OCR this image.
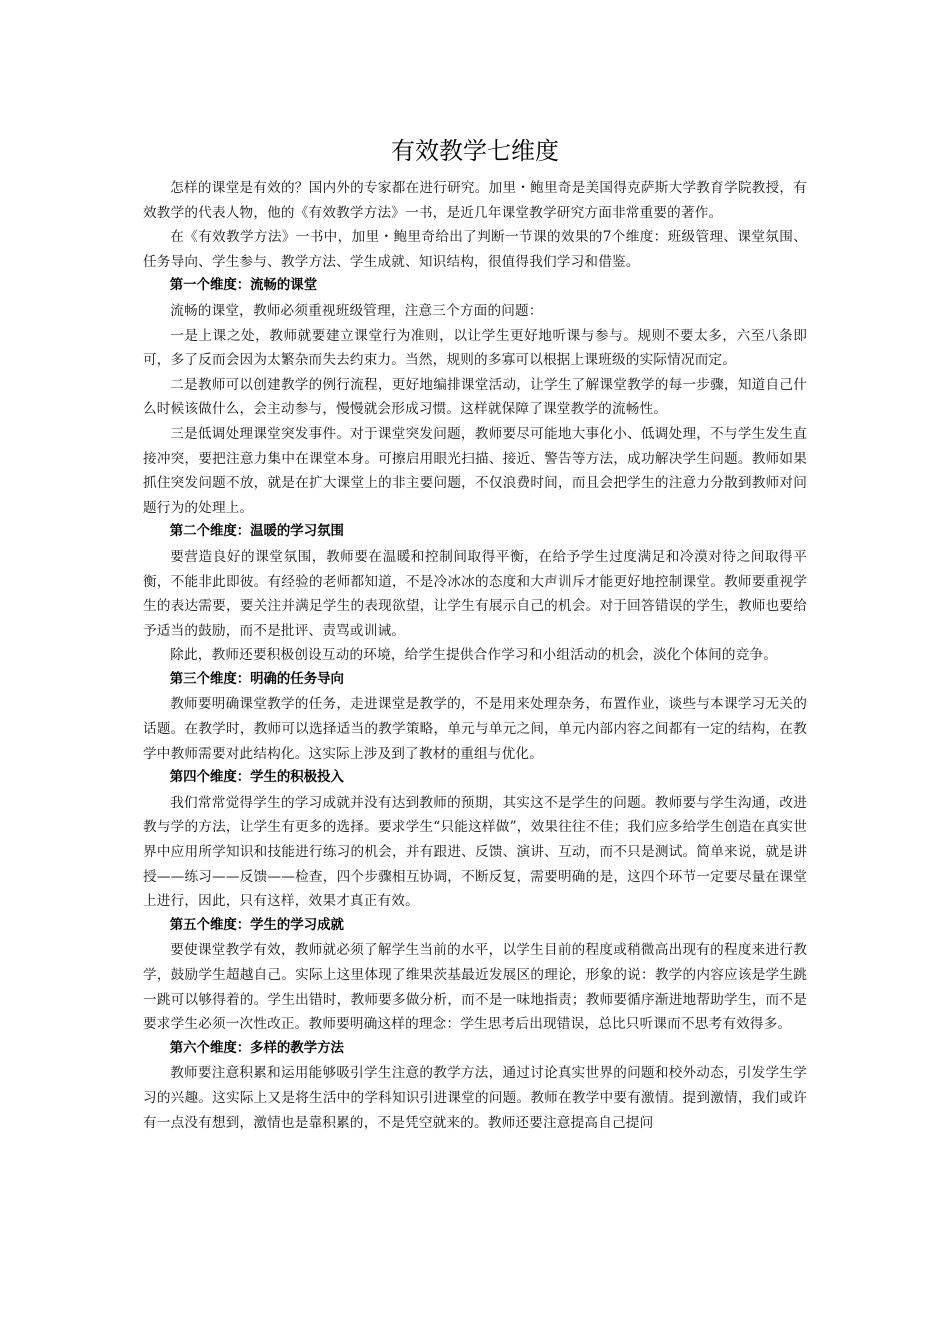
有效教学七维度

怎样的课堂是有效的？国内外的专家都在进行研究。加里・鲍里奇是美国得克萨斯大学教育学院教授，有效教学的代表人物，他的《有效教学方法》一书，是近几年课堂教学研究方面非常重要的著作。

在《有效教学方法》一书中，加里・鲍里奇给出了判断一节课的效果的7个维度：班级管理、课堂氛围、任务导向、学生参与、教学方法、学生成就、知识结构，很值得我们学习和借鉴。

第一个维度：流畅的课堂

流畅的课堂，教师必须重视班级管理，注意三个方面的问题：

一是上课之处，教师就要建立课堂行为准则，以让学生更好地听课与参与。规则不要太多，六至八条即可，多了反而会因为太繁杂而失去约束力。当然，规则的多寡可以根据上课班级的实际情况而定。

二是教师可以创建教学的例行流程，更好地编排课堂活动，让学生了解课堂教学的每一步骤，知道自己什么时候该做什么，会主动参与，慢慢就会形成习惯。这样就保障了课堂教学的流畅性。

三是低调处理课堂突发事件。对于课堂突发问题，教师要尽可能地大事化小、低调处理，不与学生发生直接冲突，要把注意力集中在课堂本身。可擦启用眼光扫描、接近、警告等方法，成功解决学生问题。教师如果抓住突发问题不放，就是在扩大课堂上的非主要问题，不仅浪费时间，而且会把学生的注意力分散到教师对问题行为的处理上。

第二个维度：温暖的学习氛围

要营造良好的课堂氛围，教师要在温暖和控制间取得平衡，在给予学生过度满足和冷漠对待之间取得平衡，不能非此即彼。有经验的老师都知道，不是冷冰冰的态度和大声训斥才能更好地控制课堂。教师要重视学生的表达需要，要关注并满足学生的表现欲望，让学生有展示自己的机会。对于回答错误的学生，教师也要给予适当的鼓励，而不是批评、责骂或训诫。

除此，教师还要积极创设互动的环境，给学生提供合作学习和小组活动的机会，淡化个体间的竞争。

第三个维度：明确的任务导向

教师要明确课堂教学的任务，走进课堂是教学的，不是用来处理杂务，布置作业，谈些与本课学习无关的话题。在教学时，教师可以选择适当的教学策略，单元与单元之间，单元内部内容之间都有一定的结构，在教学中教师需要对此结构化。这实际上涉及到了教材的重组与优化。

第四个维度：学生的积极投入

我们常常觉得学生的学习成就并没有达到教师的预期，其实这不是学生的问题。教师要与学生沟通，改进教与学的方法，让学生有更多的选择。要求学生“只能这样做”，效果往往不佳；我们应多给学生创造在真实世界中应用所学知识和技能进行练习的机会，并有跟进、反馈、演讲、互动，而不只是测试。简单来说，就是讲授——练习——反馈——检查，四个步骤相互协调，不断反复，需要明确的是，这四个环节一定要尽量在课堂上进行，因此，只有这样，效果才真正有效。

第五个维度：学生的学习成就

要使课堂教学有效，教师就必须了解学生当前的水平，以学生目前的程度或稍微高出现有的程度来进行教学，鼓励学生超越自己。实际上这里体现了维果茨基最近发展区的理论，形象的说：教学的内容应该是学生跳一跳可以够得着的。学生出错时，教师要多做分析，而不是一味地指责；教师要循序渐进地帮助学生，而不是要求学生必须一次性改正。教师要明确这样的理念：学生思考后出现错误，总比只听课而不思考有效得多。

第六个维度：多样的教学方法

教师要注意积累和运用能够吸引学生注意的教学方法，通过讨论真实世界的问题和校外动态，引发学生学习的兴趣。这实际上又是将生活中的学科知识引进课堂的问题。教师在教学中要有激情。提到激情，我们或许有一点没有想到，激情也是靠积累的，不是凭空就来的。教师还要注意提高自己提问
